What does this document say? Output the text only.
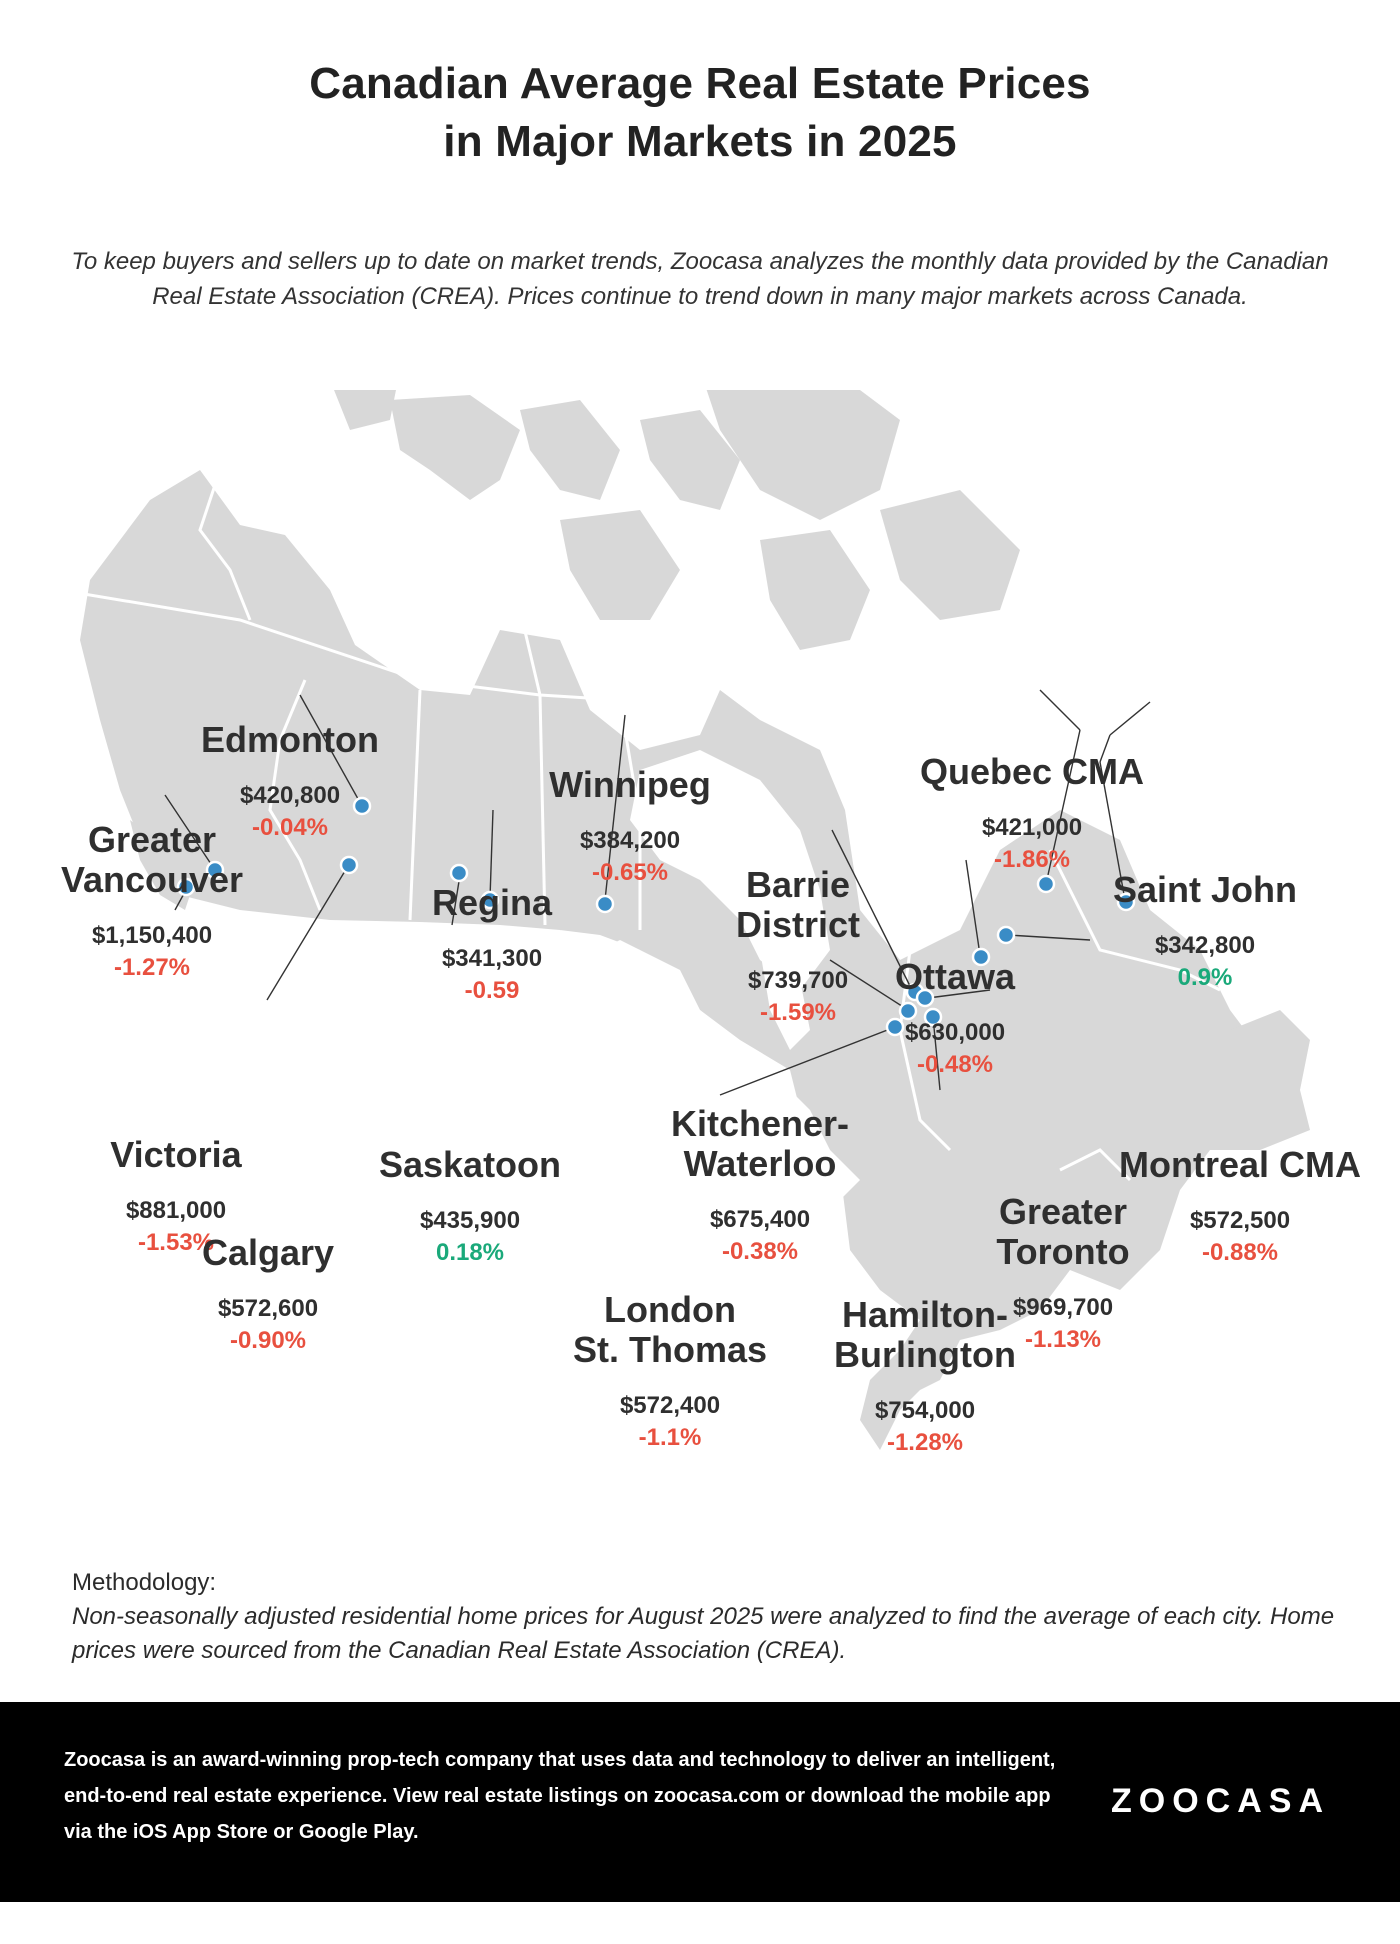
Canadian Average Real Estate Prices
in Major Markets in 2025
To keep buyers and sellers up to date on market trends, Zoocasa analyzes the monthly data provided by the Canadian Real Estate Association (CREA). Prices continue to trend down in many major markets across Canada.
Edmonton
$420,800
-0.04%
Greater
Vancouver
$1,150,400
-1.27%
Victoria
$881,000
-1.53%
Calgary
$572,600
-0.90%
Regina
$341,300
-0.59
Saskatoon
$435,900
0.18%
Winnipeg
$384,200
-0.65%	Barrie
District
$739,700
-1.59%
Ottawa
$630,000
-0.48%
Quebec CMA
$421,000
-1.86%
Saint John
$342,800
0.9%
Montreal CMA
$572,500
-0.88%
Kitchener-
Waterloo
$675,400
-0.38%
Greater
Toronto
$969,700
-1.13%
London
St. Thomas
$572,400
-1.1%
Hamilton-
Burlington
$754,000
-1.28%
Methodology:
Non-seasonally adjusted residential home prices for August 2025 were analyzed to find the average of each city. Home prices were sourced from the Canadian Real Estate Association (CREA).
Zoocasa is an award-winning prop-tech company that uses data and technology to deliver an intelligent, end-to-end real estate experience. View real estate listings on zoocasa.com or download the mobile app via the iOS App Store or Google Play.
ZOOCASA
